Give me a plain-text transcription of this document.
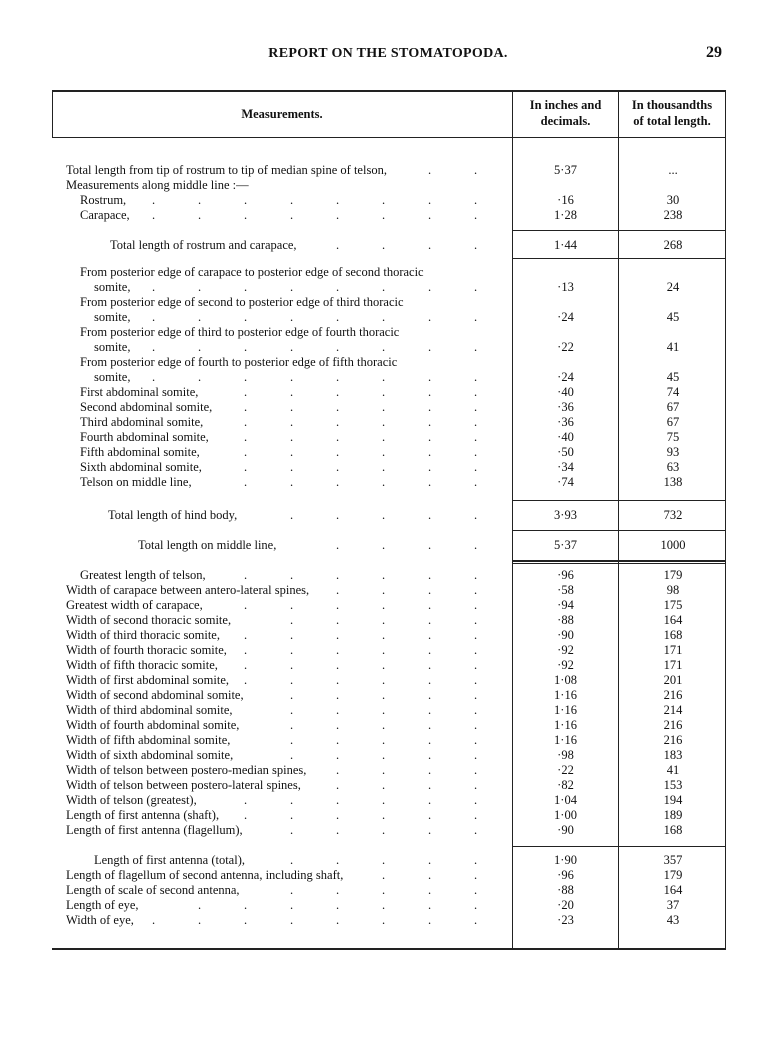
REPORT ON THE STOMATOPODA.	29
Measurements.
In inches and
decimals.
In thousandths
of total length.
Total length from tip of rostrum to tip of median spine of telson,	.	.	5·37	...
Measurements along middle line :—
Rostrum, .	.	.	.	.	.	.	.	·16	30
Carapace, .	.	.	.	.	.	.	.	1·28	238
Total length of rostrum and carapace,	.	.	.	.	1·44	268
From posterior edge of carapace to posterior edge of second thoracic
somite, .	.	.	.	.	.	.	.	·13	24
From posterior edge of second to posterior edge of third thoracic
somite, .	.	.	.	.	.	.	.	·24	45
From posterior edge of third to posterior edge of fourth thoracic
somite, .	.	.	.	.	.	.	.	·22	41
From posterior edge of fourth to posterior edge of fifth thoracic
somite, .	.	.	.	.	.	.	.	·24	45
First abdominal somite,	.	.	.	.	.	.	·40	74
Second abdominal somite,	.	.	.	.	.	.	·36	67
Third abdominal somite,	.	.	.	.	.	.	·36	67
Fourth abdominal somite,	.	.	.	.	.	.	·40	75
Fifth abdominal somite,	.	.	.	.	.	.	·50	93
Sixth abdominal somite,	.	.	.	.	.	.	·34	63
Telson on middle line,	.	.	.	.	.	.	·74	138
Total length of hind body,	.	.	.	.	.	3·93	732
Total length on middle line,	.	.	.	.	5·37	1000
Greatest length of telson,	.	.	.	.	.	.	·96	179
Width of carapace between antero-lateral spines, .	.	.	.	·58	98
Greatest width of carapace,	.	.	.	.	.	.	·94	175
Width of second thoracic somite,	.	.	.	.	.	·88	164
Width of third thoracic somite, .	.	.	.	.	.	·90	168
Width of fourth thoracic somite, .	.	.	.	.	.	·92	171
Width of fifth thoracic somite, .	.	.	.	.	.	·92	171
Width of first abdominal somite, .	.	.	.	.	.	1·08	201
Width of second abdominal somite,	.	.	.	.	.	1·16	216
Width of third abdominal somite,	.	.	.	.	.	1·16	214
Width of fourth abdominal somite,	.	.	.	.	.	1·16	216
Width of fifth abdominal somite,	.	.	.	.	.	1·16	216
Width of sixth abdominal somite,	.	.	.	.	.	·98	183
Width of telson between postero-median spines, .	.	.	.	·22	41
Width of telson between postero-lateral spines,	.	.	.	.	·82	153
Width of telson (greatest),	.	.	.	.	.	.	1·04	194
Length of first antenna (shaft), .	.	.	.	.	.	1·00	189
Length of first antenna (flagellum),	.	.	.	.	.	·90	168
Length of first antenna (total),	.	.	.	.	.	1·90	357
Length of flagellum of second antenna, including shaft,	.	.	.	·96	179
Length of scale of second antenna,	.	.	.	.	.	·88	164
Length of eye,	.	.	.	.	.	.	.	·20	37
Width of eye, .	.	.	.	.	.	.	.	·23	43
